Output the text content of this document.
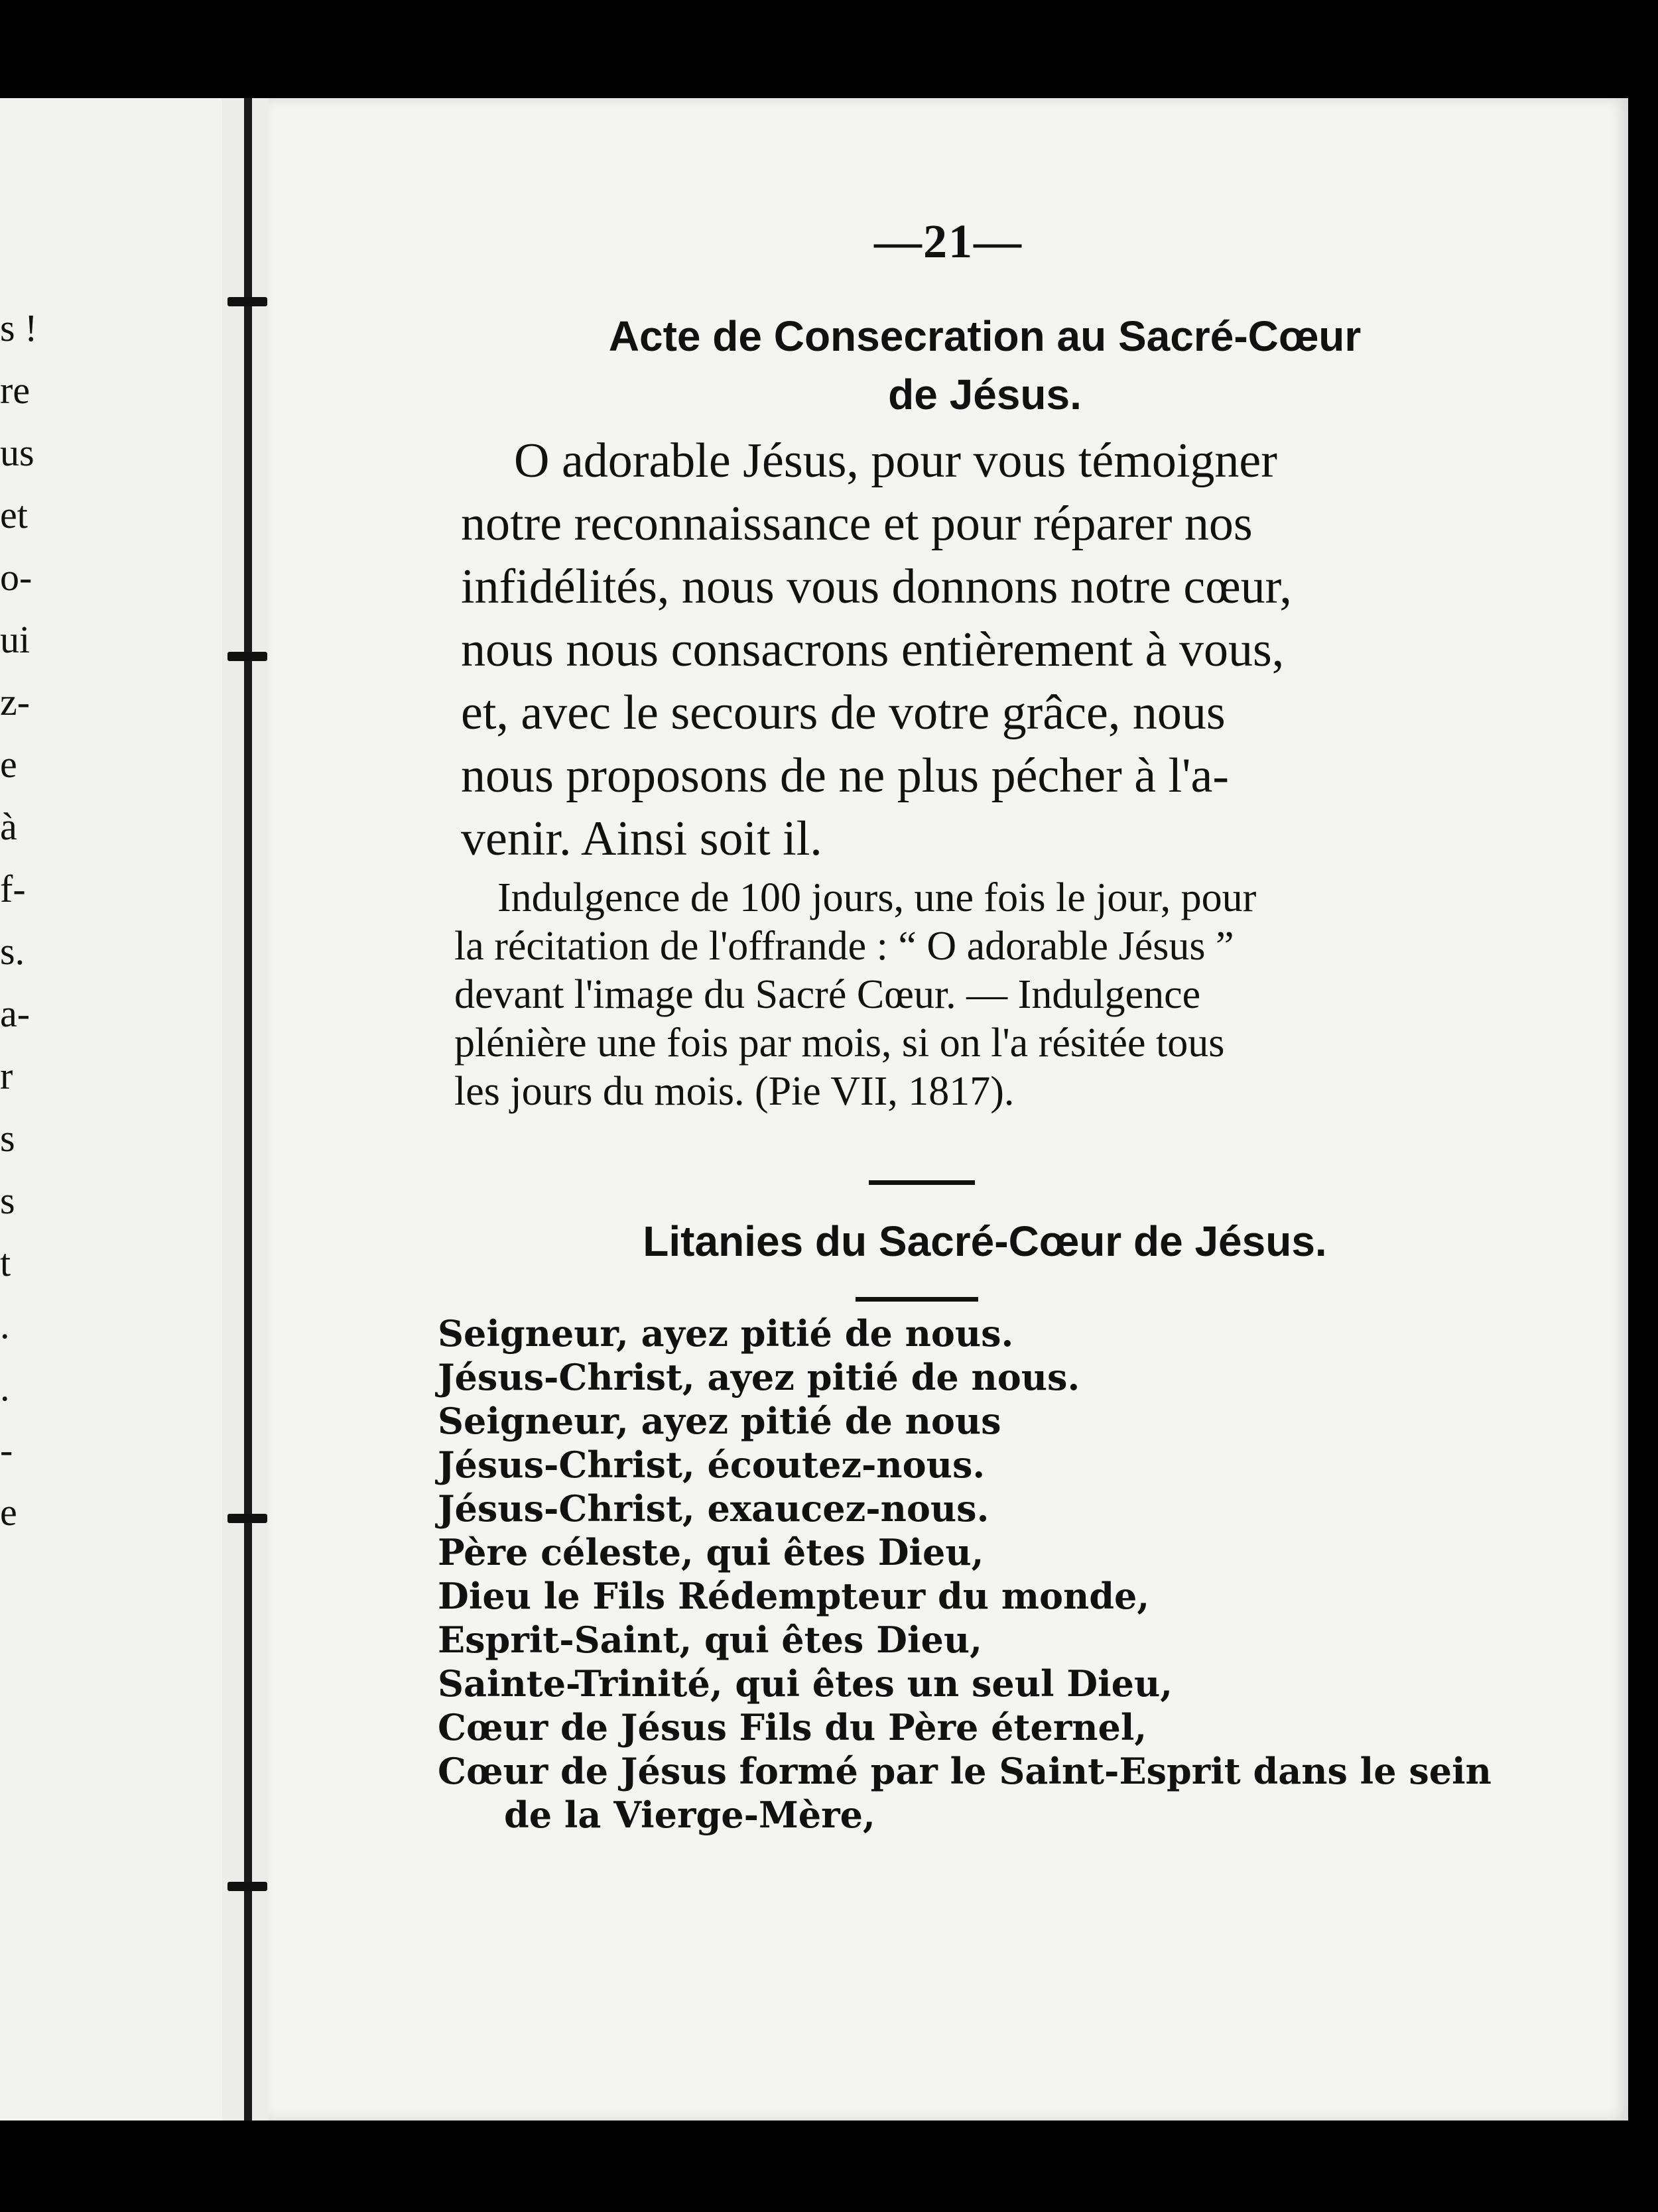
s !
re
us
et
o-
ui
z-
e
à
f-
s.
a-
r
s
s
t
.
.
-
e
—21—
Acte de Consecration au Sacré-Cœur
de Jésus.
O adorable Jésus, pour vous témoigner
notre reconnaissance et pour réparer nos
infidélités, nous vous donnons notre cœur,
nous nous consacrons entièrement à vous,
et, avec le secours de votre grâce, nous
nous proposons de ne plus pécher à l'a-
venir. Ainsi soit il.
Indulgence de 100 jours, une fois le jour, pour
la récitation de l'offrande : “ O adorable Jésus ”
devant l'image du Sacré Cœur. — Indulgence
plénière une fois par mois, si on l'a résitée tous
les jours du mois. (Pie VII, 1817).
Litanies du Sacré-Cœur de Jésus.
Seigneur, ayez pitié de nous.
Jésus-Christ, ayez pitié de nous.
Seigneur, ayez pitié de nous
Jésus-Christ, écoutez-nous.
Jésus-Christ, exaucez-nous.
Père céleste, qui êtes Dieu,
Dieu le Fils Rédempteur du monde,
Esprit-Saint, qui êtes Dieu,
Sainte-Trinité, qui êtes un seul Dieu,
Cœur de Jésus Fils du Père éternel,
Cœur de Jésus formé par le Saint-Esprit dans le sein
de la Vierge-Mère,
